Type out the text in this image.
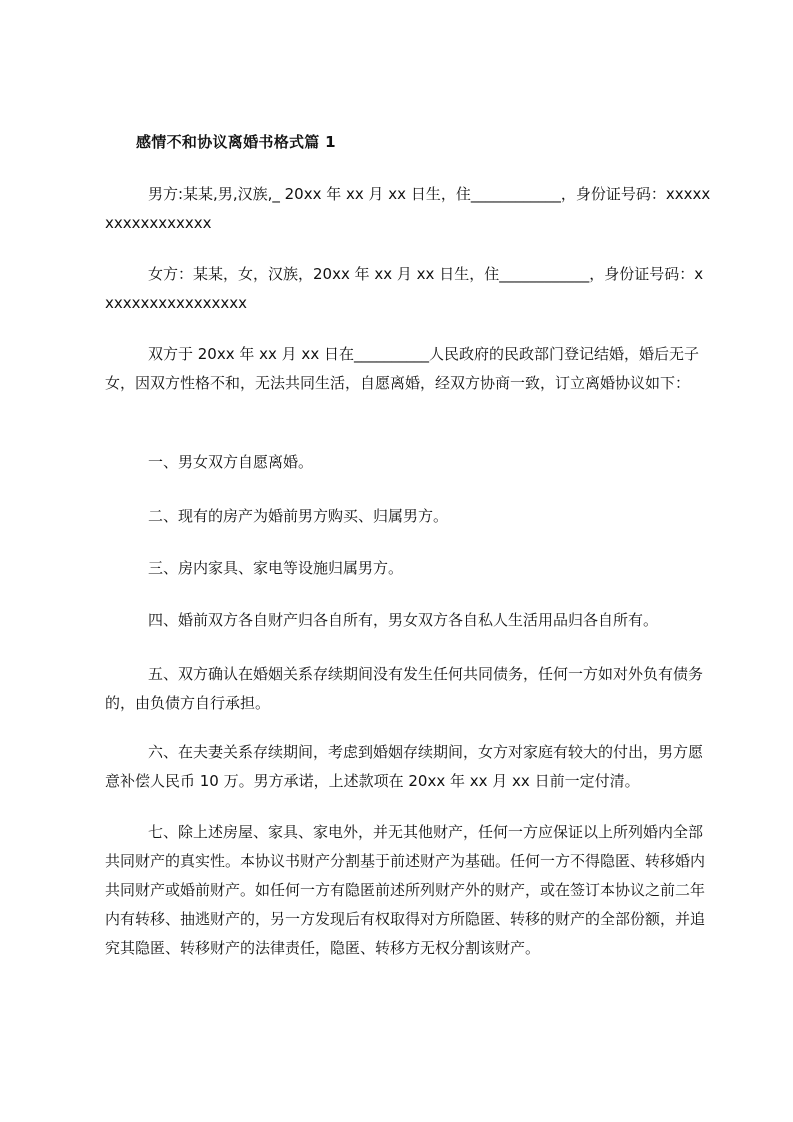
感情不和协议离婚书格式篇 1
男方:某某,男,汉族,_ 20xx 年 xx 月 xx 日生，住____________，身份证号码：xxxxxxxxxxxxxxxxx
女方：某某，女，汉族，20xx 年 xx 月 xx 日生，住____________，身份证号码：xxxxxxxxxxxxxxxxx
双方于 20xx 年 xx 月 xx 日在__________人民政府的民政部门登记结婚，婚后无子女，因双方性格不和，无法共同生活，自愿离婚，经双方协商一致，订立离婚协议如下：
一、男女双方自愿离婚。
二、现有的房产为婚前男方购买、归属男方。
三、房内家具、家电等设施归属男方。
四、婚前双方各自财产归各自所有，男女双方各自私人生活用品归各自所有。
五、双方确认在婚姻关系存续期间没有发生任何共同债务，任何一方如对外负有债务的，由负债方自行承担。
六、在夫妻关系存续期间，考虑到婚姻存续期间，女方对家庭有较大的付出，男方愿意补偿人民币 10 万。男方承诺，上述款项在 20xx 年 xx 月 xx 日前一定付清。
七、除上述房屋、家具、家电外，并无其他财产，任何一方应保证以上所列婚内全部共同财产的真实性。本协议书财产分割基于前述财产为基础。任何一方不得隐匿、转移婚内共同财产或婚前财产。如任何一方有隐匿前述所列财产外的财产，或在签订本协议之前二年内有转移、抽逃财产的，另一方发现后有权取得对方所隐匿、转移的财产的全部份额，并追究其隐匿、转移财产的法律责任，隐匿、转移方无权分割该财产。
